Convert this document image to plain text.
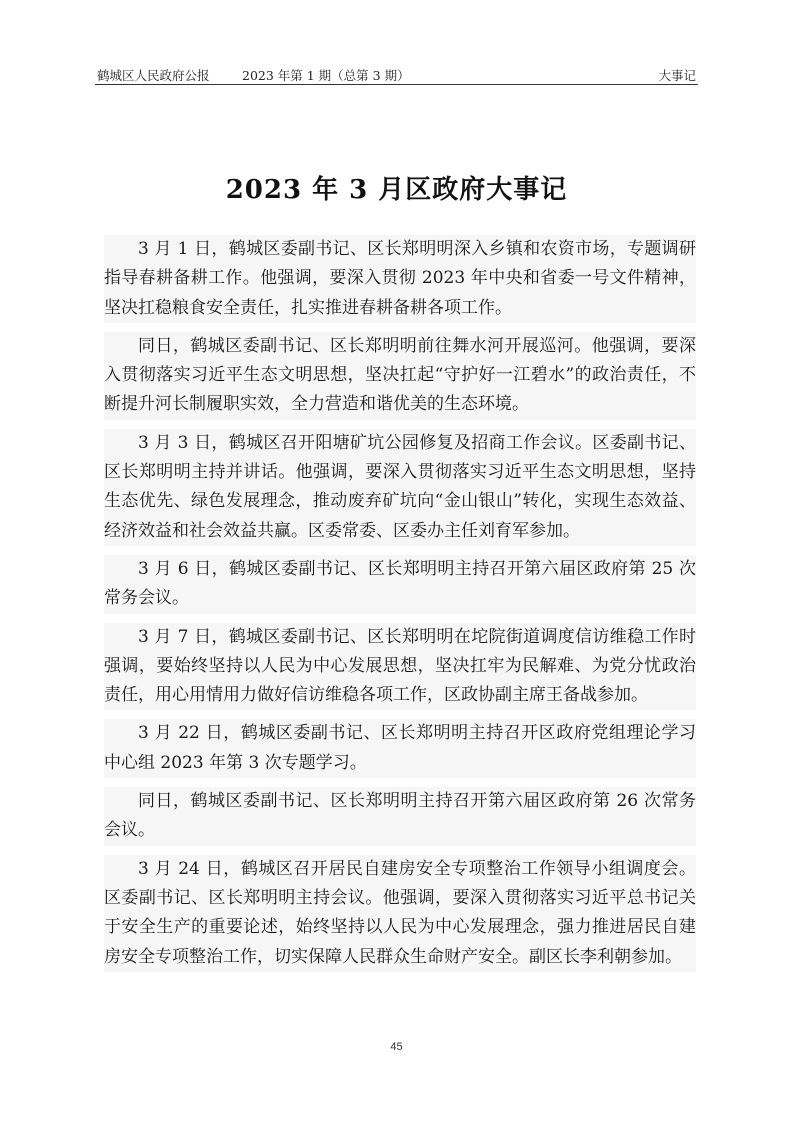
鹤城区人民政府公报	2023 年第 1 期（总第 3 期）	大事记
2023 年 3 月区政府大事记

3 月 1 日，鹤城区委副书记、区长郑明明深入乡镇和农资市场，专题调研指导春耕备耕工作。他强调，要深入贯彻 2023 年中央和省委一号文件精神，坚决扛稳粮食安全责任，扎实推进春耕备耕各项工作。

同日，鹤城区委副书记、区长郑明明前往舞水河开展巡河。他强调，要深入贯彻落实习近平生态文明思想，坚决扛起“守护好一江碧水”的政治责任，不断提升河长制履职实效，全力营造和谐优美的生态环境。

3 月 3 日，鹤城区召开阳塘矿坑公园修复及招商工作会议。区委副书记、区长郑明明主持并讲话。他强调，要深入贯彻落实习近平生态文明思想，坚持生态优先、绿色发展理念，推动废弃矿坑向“金山银山”转化，实现生态效益、经济效益和社会效益共赢。区委常委、区委办主任刘育军参加。

3 月 6 日，鹤城区委副书记、区长郑明明主持召开第六届区政府第 25 次常务会议。

3 月 7 日，鹤城区委副书记、区长郑明明在坨院街道调度信访维稳工作时强调，要始终坚持以人民为中心发展思想，坚决扛牢为民解难、为党分忧政治责任，用心用情用力做好信访维稳各项工作，区政协副主席王备战参加。

3 月 22 日，鹤城区委副书记、区长郑明明主持召开区政府党组理论学习中心组 2023 年第 3 次专题学习。

同日，鹤城区委副书记、区长郑明明主持召开第六届区政府第 26 次常务会议。

3 月 24 日，鹤城区召开居民自建房安全专项整治工作领导小组调度会。区委副书记、区长郑明明主持会议。他强调，要深入贯彻落实习近平总书记关于安全生产的重要论述，始终坚持以人民为中心发展理念，强力推进居民自建房安全专项整治工作，切实保障人民群众生命财产安全。副区长李利朝参加。

45
